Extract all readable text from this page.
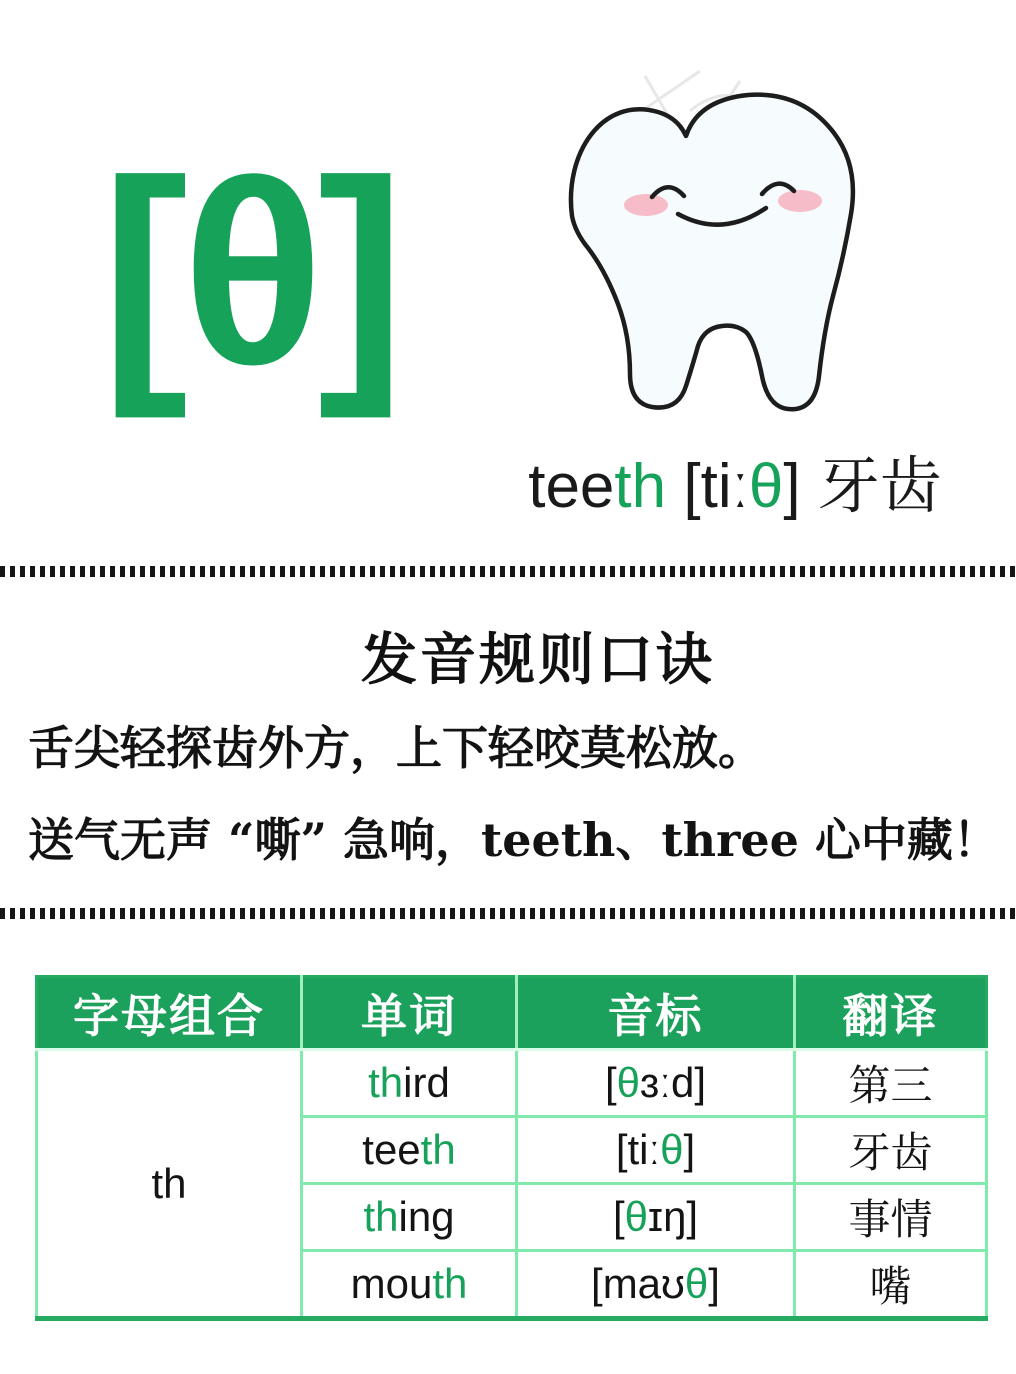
[θ]
teeth [tiːθ] 牙齿
发音规则口诀
舌尖轻探齿外方，上下轻咬莫松放。
送气无声 “嘶” 急响，teeth、three 心中藏！
字母组合	单词	音标	翻译
th	third	[θɜːd]	第三
	teeth	[tiːθ]	牙齿
	thing	[θɪŋ]	事情
	mouth	[maʊθ]	嘴
